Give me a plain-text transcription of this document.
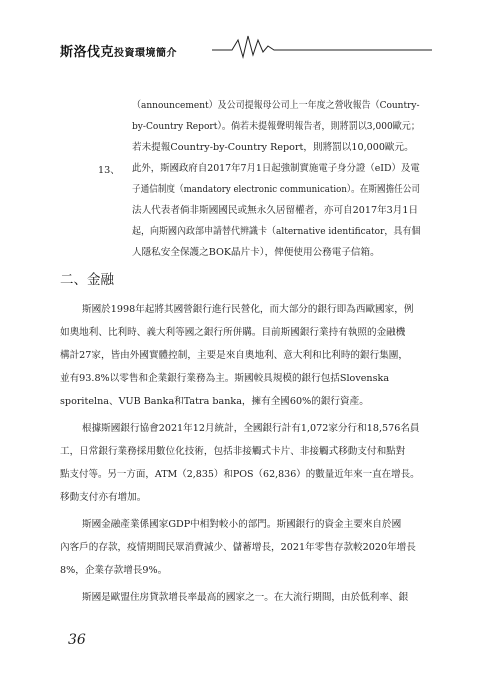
斯洛伐克投資環境簡介

（announcement）及公司提報母公司上一年度之營收報告（Country-

by-Country Report）。倘若未提報聲明報告者，則將罰以3,000歐元；

若未提報Country-by-Country Report，則將罰以10,000歐元。

13、 此外，斯國政府自2017年7月1日起強制實施電子身分證（eID）及電

子通信制度（mandatory electronic communication）。在斯國擔任公司

法人代表者倘非斯國國民或無永久居留權者，亦可自2017年3月1日

起，向斯國內政部申請替代辨識卡（alternative identificator，具有個

人隱私安全保護之BOK晶片卡），俾便使用公務電子信箱。

二、金融

斯國於1998年起將其國營銀行進行民營化，而大部分的銀行即為西歐國家，例

如奧地利、比利時、義大利等國之銀行所併購。目前斯國銀行業持有執照的金融機

構計27家，皆由外國實體控制，主要是來自奧地利、意大利和比利時的銀行集團，

並有93.8%以零售和企業銀行業務為主。斯國較具規模的銀行包括Slovenska

sporitelna、VUB Banka和Tatra banka，擁有全國60%的銀行資產。

根據斯國銀行協會2021年12月統計，全國銀行計有1,072家分行和18,576名員

工，日常銀行業務採用數位化技術，包括非接觸式卡片、非接觸式移動支付和點對

點支付等。另一方面，ATM（2,835）和POS（62,836）的數量近年來一直在增長。

移動支付亦有增加。

斯國金融產業係國家GDP中相對較小的部門。斯國銀行的資金主要來自於國

內客戶的存款，疫情期間民眾消費減少、儲蓄增長，2021年零售存款較2020年增長

8%，企業存款增長9%。

斯國是歐盟住房貸款增長率最高的國家之一。在大流行期間，由於低利率、銀

36
